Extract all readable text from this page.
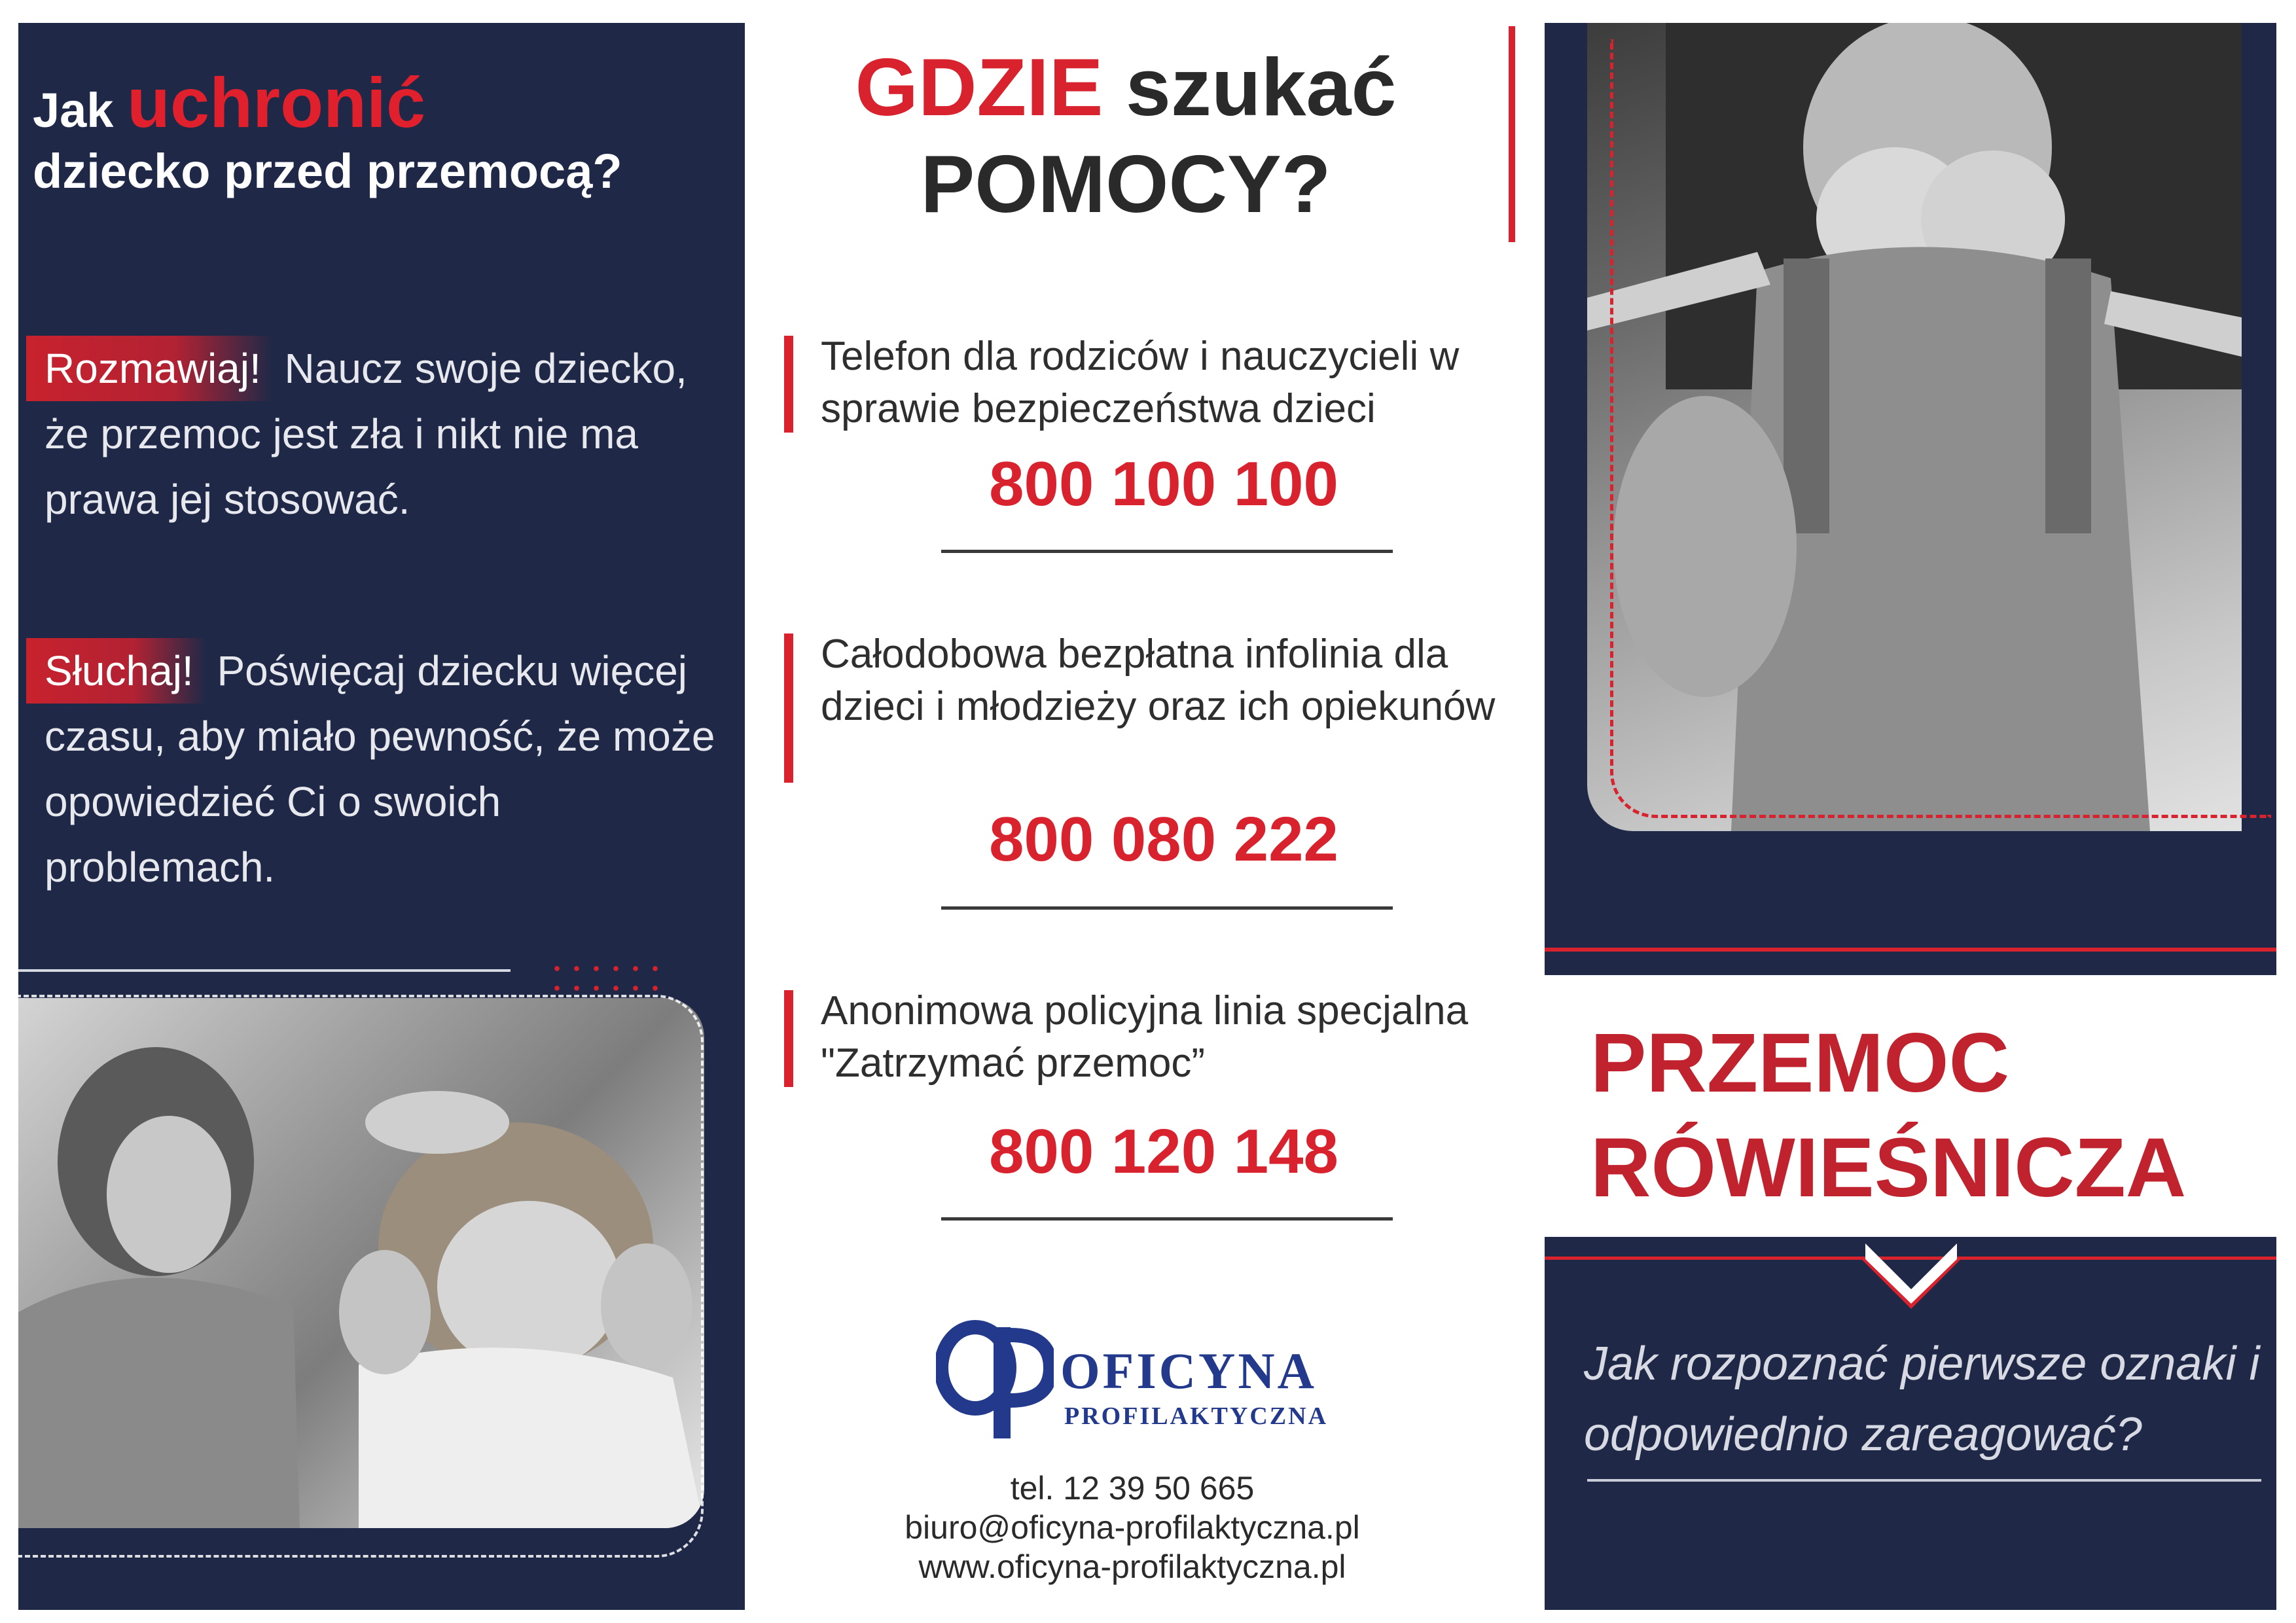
Jak uchronić
dziecko przed przemocą?
Rozmawiaj! Naucz swoje dziecko, że przemoc jest zła i nikt nie ma prawa jej stosować.
Słuchaj! Poświęcaj dziecku więcej czasu, aby miało pewność, że może opowiedzieć Ci o swoich problemach.
GDZIE szukać
POMOCY?
Telefon dla rodziców i nauczycieli w sprawie bezpieczeństwa dzieci
800 100 100
Całodobowa bezpłatna infolinia dla dzieci i młodzieży oraz ich opiekunów
800 080 222
Anonimowa policyjna linia specjalna "Zatrzymać przemoc”
800 120 148
OFICYNA
PROFILAKTYCZNA
tel. 12 39 50 665
biuro@oficyna-profilaktyczna.pl
www.oficyna-profilaktyczna.pl
PRZEMOC
RÓWIEŚNICZA
Jak rozpoznać pierwsze oznaki i odpowiednio zareagować?
